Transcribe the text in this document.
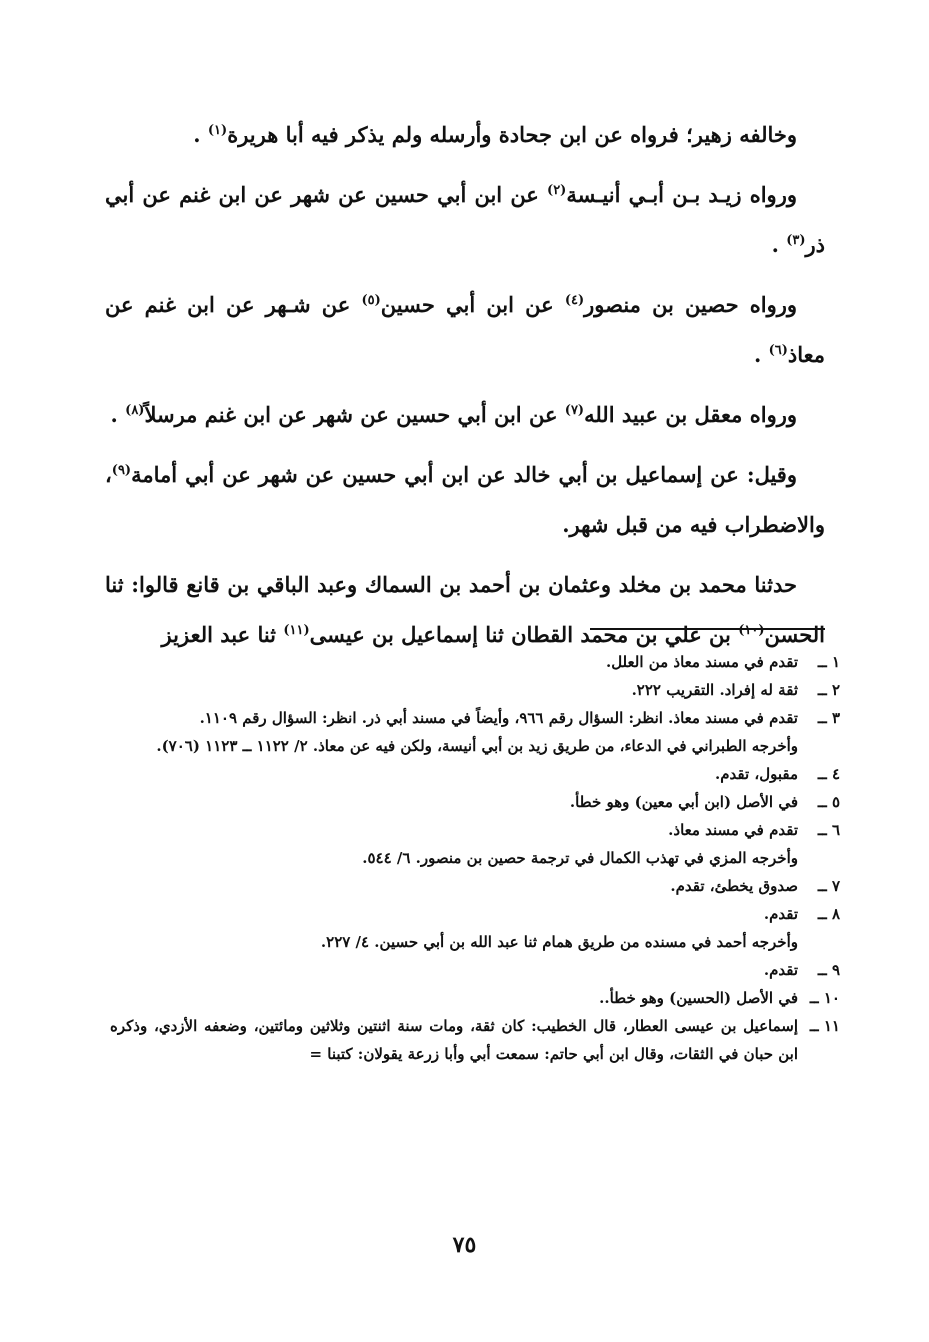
وخالفه زهير؛ فرواه عن ابن جحادة وأرسله ولم يذكر فيه أبا هريرة$^{(١)}$ .

ورواه زيـد بـن أبـي أنيـسة$^{(٢)}$ عن ابن أبي حسين عن شهر عن ابن غنم عن أبي ذر$^{(٣)}$ .

ورواه حصين بن منصور$^{(٤)}$ عن ابن أبي حسين$^{(٥)}$ عن شـهر عن ابن غنم عن معاذ$^{(٦)}$ .

ورواه معقل بن عبيد الله$^{(٧)}$ عن ابن أبي حسين عن شهر عن ابن غنم مرسلاً$^{(٨)}$ .

وقيل: عن إسماعيل بن أبي خالد عن ابن أبي حسين عن شهر عن أبي أمامة$^{(٩)}$، والاضطراب فيه من قبل شهر.

حدثنا محمد بن مخلد وعثمان بن أحمد بن السماك وعبد الباقي بن قانع قالوا: ثنا الحسن$^{(١٠)}$ بن علي بن محمد القطان ثنا إسماعيل بن عيسى$^{(١١)}$ ثنا عبد العزيز

١ ــ
تقدم في مسند معاذ من العلل.
٢ ــ
ثقة له إفراد. التقريب ٢٢٢.
٣ ــ
تقدم في مسند معاذ. انظر: السؤال رقم ٩٦٦، وأيضاً في مسند أبي ذر. انظر: السؤال رقم ١١٠٩.
وأخرجه الطبراني في الدعاء، من طريق زيد بن أبي أنيسة، ولكن فيه عن معاذ. ٢/ ١١٢٢ ــ ١١٢٣ (٧٠٦).
٤ ــ
مقبول، تقدم.
٥ ــ
في الأصل (ابن أبي معين) وهو خطأ.
٦ ــ
تقدم في مسند معاذ.
وأخرجه المزي في تهذب الكمال في ترجمة حصين بن منصور. ٦/ ٥٤٤.
٧ ــ
صدوق يخطئ، تقدم.
٨ ــ
تقدم.
وأخرجه أحمد في مسنده من طريق همام ثنا عبد الله بن أبي حسين. ٤/ ٢٢٧.
٩ ــ
تقدم.
١٠ ــ
في الأصل (الحسين) وهو خطأ..
١١ ــ
إسماعيل بن عيسى العطار، قال الخطيب: كان ثقة، ومات سنة اثنتين وثلاثين ومائتين، وضعفه الأزدي، وذكره ابن حبان في الثقات، وقال ابن أبي حاتم: سمعت أبي وأبا زرعة يقولان: كتبنا =
٧٥
